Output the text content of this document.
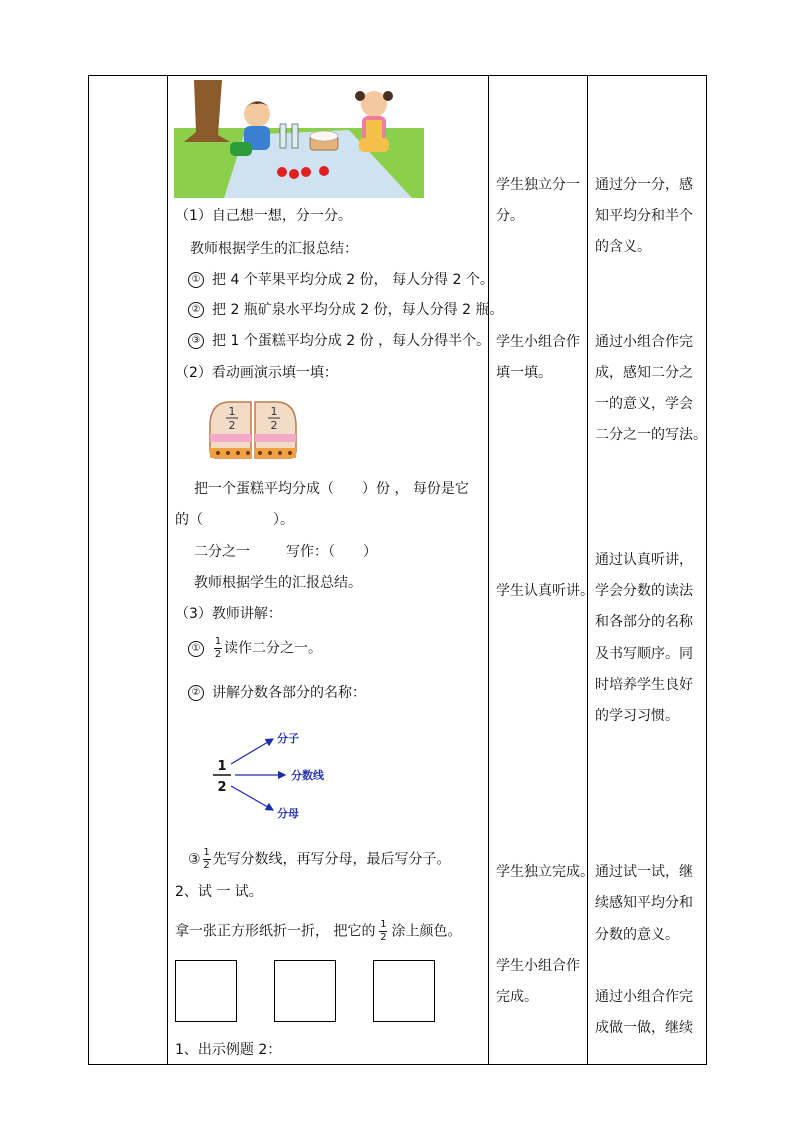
（1）自己想一想，分一分。
教师根据学生的汇报总结：
① 把 4 个苹果平均分成 2 份， 每人分得 2 个。
② 把 2 瓶矿泉水平均分成 2 份，每人分得 2 瓶。
③ 把 1 个蛋糕平均分成 2 份 ，每人分得半个。
（2）看动画演示填一填：
1
2
1
2
把一个蛋糕平均分成（　　）份 ， 每份是它
的（　　　　　）。
二分之一	写作：（　　）
教师根据学生的汇报总结。
（3）教师讲解：
① $\frac{1}{2}$ 读作二分之一。
② 讲解分数各部分的名称：
1
2
分子
分数线
分母
③ $\frac{1}{2}$ 先写分数线，再写分母，最后写分子。
2、试 一 试。
拿一张正方形纸折一折， 把它的 $\frac{1}{2}$ 涂上颜色。
1、出示例题 2：
学生独立分一
分。
学生小组合作
填一填。
学生认真听讲。
学生独立完成。
学生小组合作
完成。
通过分一分，感
知平均分和半个
的含义。
通过小组合作完
成，感知二分之
一的意义，学会
二分之一的写法。
通过认真听讲，
学会分数的读法
和各部分的名称
及书写顺序。同
时培养学生良好
的学习习惯。
通过试一试，继
续感知平均分和
分数的意义。
通过小组合作完
成做一做，继续
